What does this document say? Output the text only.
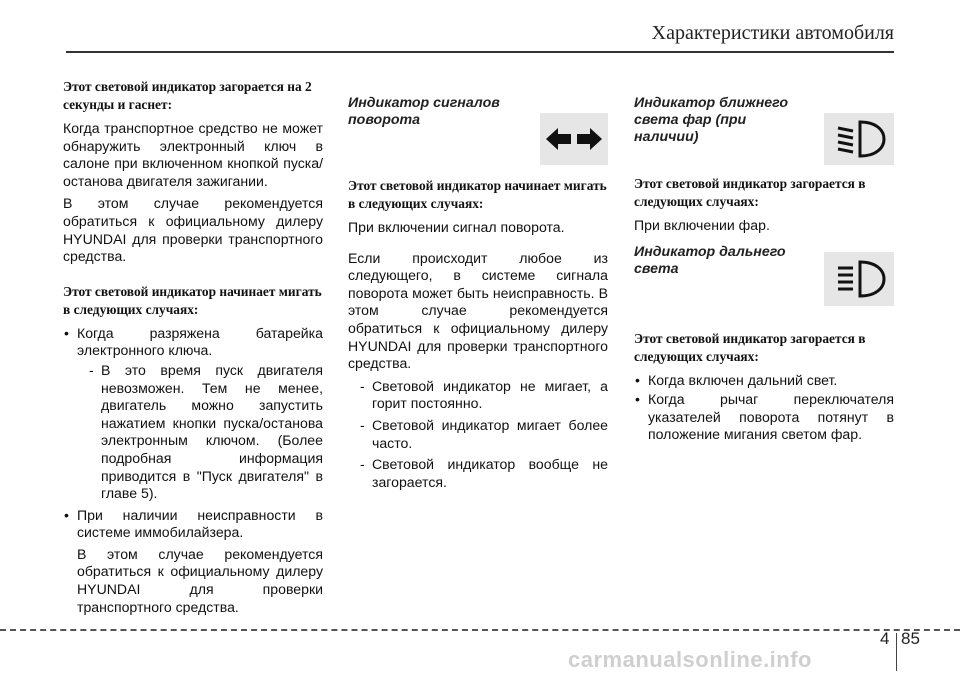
Характеристики автомобиля

Этот световой индикатор загорается на 2 секунды и гаснет:

Когда транспортное средство не может обнаружить электронный ключ в салоне при включенном кнопкой пуска/останова двигателя зажигании.

В этом случае рекомендуется обратиться к официальному дилеру HYUNDAI для проверки транспортного средства.

Этот световой индикатор начинает мигать в следующих случаях:

• Когда разряжена батарейка электронного ключа.
- В это время пуск двигателя невозможен. Тем не менее, двигатель можно запустить нажатием кнопки пуска/останова электронным ключом. (Более подробная информация приводится в "Пуск двигателя" в главе 5).
• При наличии неисправности в системе иммобилайзера.
В этом случае рекомендуется обратиться к официальному дилеру HYUNDAI для проверки транспортного средства.
Индикатор сигналов поворота

Этот световой индикатор начинает мигать в следующих случаях:

При включении сигнал поворота.

Если происходит любое из следующего, в системе сигнала поворота может быть неисправность. В этом случае рекомендуется обратиться к официальному дилеру HYUNDAI для проверки транспортного средства.

- Световой индикатор не мигает, а горит постоянно.
- Световой индикатор мигает более часто.
- Световой индикатор вообще не загорается.
Индикатор ближнего света фар (при наличии)

Этот световой индикатор загорается в следующих случаях:

При включении фар.

Индикатор дальнего света

Этот световой индикатор загорается в следующих случаях:

• Когда включен дальний свет.
• Когда рычаг переключателя указателей поворота потянут в положение мигания светом фар.
4 85
carmanualsonline.info
